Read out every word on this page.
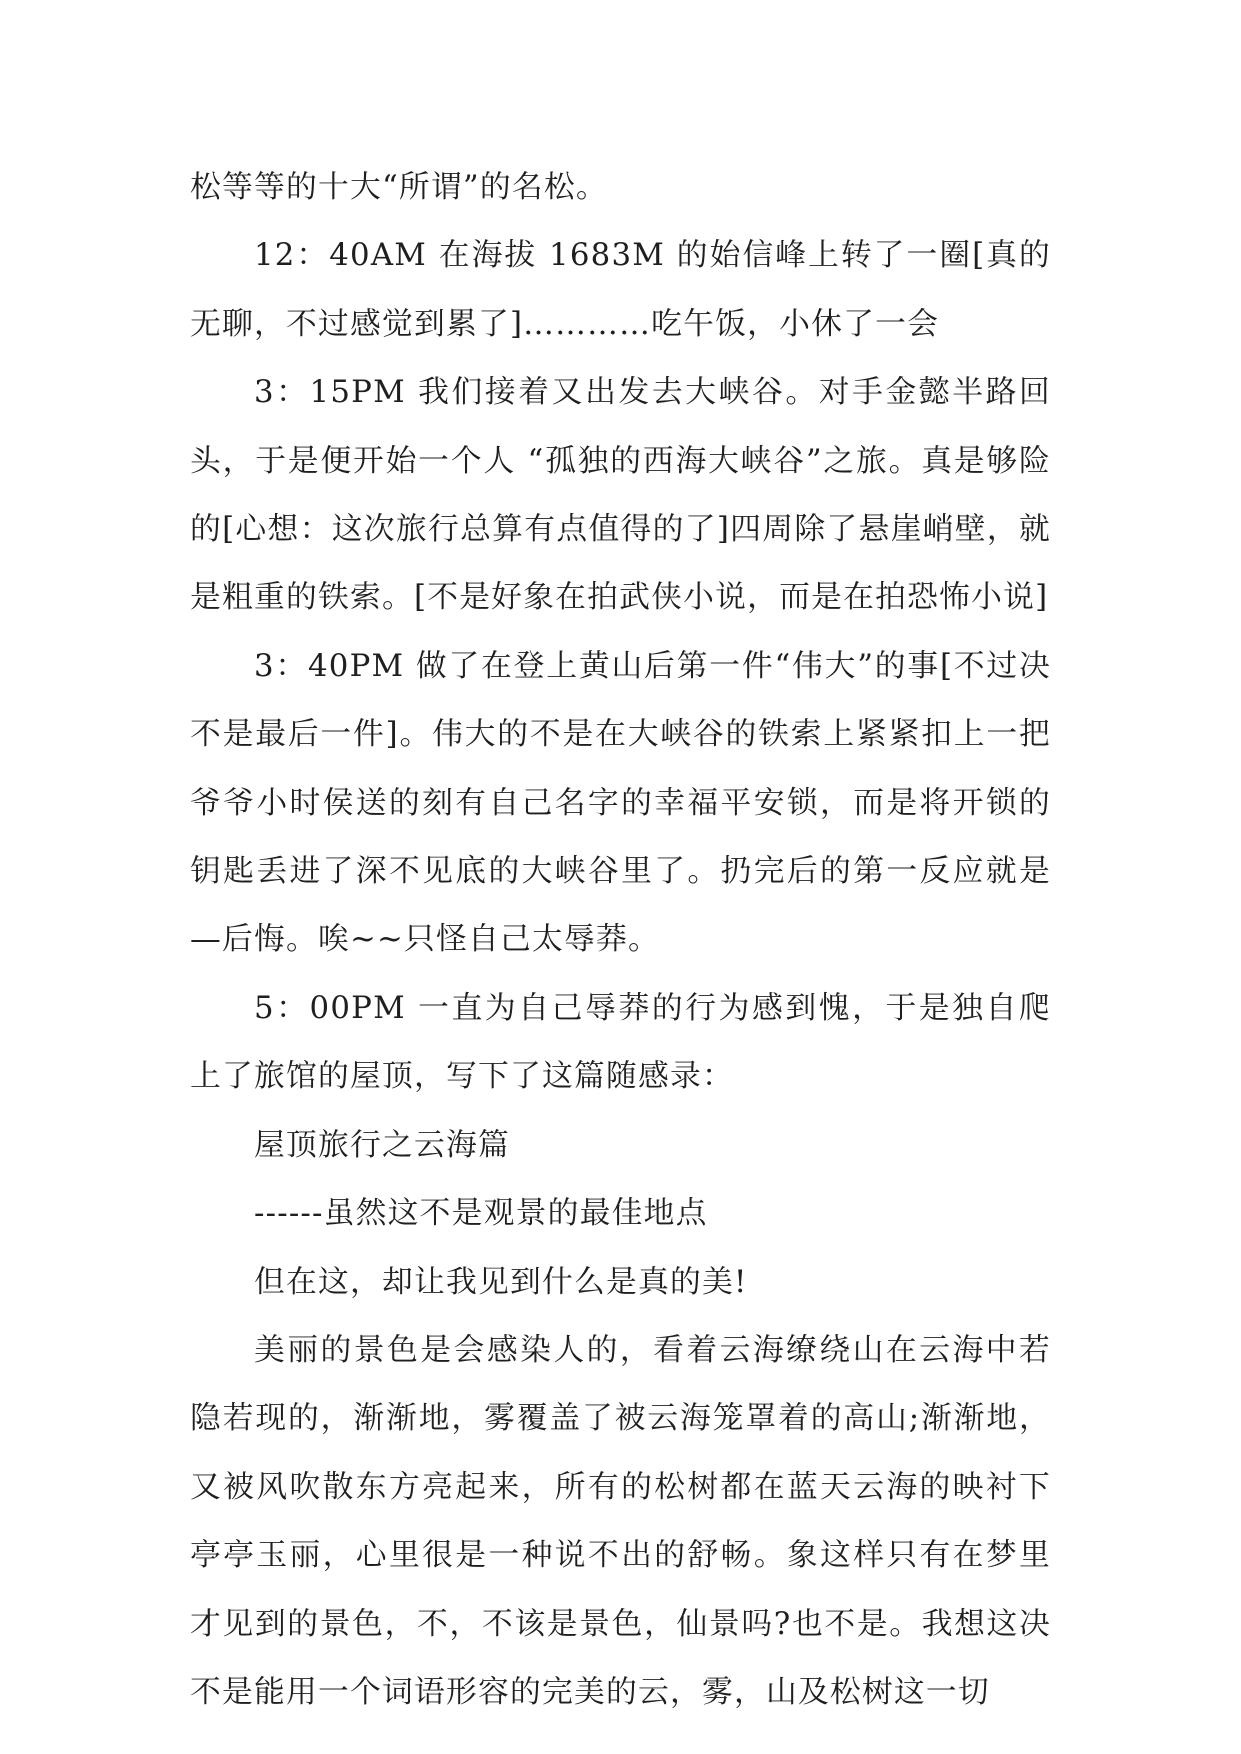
松等等的十大“所谓”的名松。

12：40AM 在海拔 1683M 的始信峰上转了一圈[真的无聊，不过感觉到累了]…………吃午饭，小休了一会

3：15PM 我们接着又出发去大峡谷。对手金懿半路回头，于是便开始一个人 “孤独的西海大峡谷”之旅。真是够险的[心想：这次旅行总算有点值得的了]四周除了悬崖峭壁，就是粗重的铁索。[不是好象在拍武侠小说，而是在拍恐怖小说]

3：40PM 做了在登上黄山后第一件“伟大”的事[不过决不是最后一件]。伟大的不是在大峡谷的铁索上紧紧扣上一把爷爷小时侯送的刻有自己名字的幸福平安锁，而是将开锁的钥匙丢进了深不见底的大峡谷里了。扔完后的第一反应就是—后悔。唉~~只怪自己太辱莽。

5：00PM 一直为自己辱莽的行为感到愧，于是独自爬上了旅馆的屋顶，写下了这篇随感录：

屋顶旅行之云海篇

------虽然这不是观景的最佳地点

但在这，却让我见到什么是真的美!

美丽的景色是会感染人的，看着云海缭绕山在云海中若隐若现的，渐渐地，雾覆盖了被云海笼罩着的高山;渐渐地，又被风吹散东方亮起来，所有的松树都在蓝天云海的映衬下亭亭玉丽，心里很是一种说不出的舒畅。象这样只有在梦里才见到的景色，不，不该是景色，仙景吗?也不是。我想这决不是能用一个词语形容的完美的云，雾，山及松树这一切
